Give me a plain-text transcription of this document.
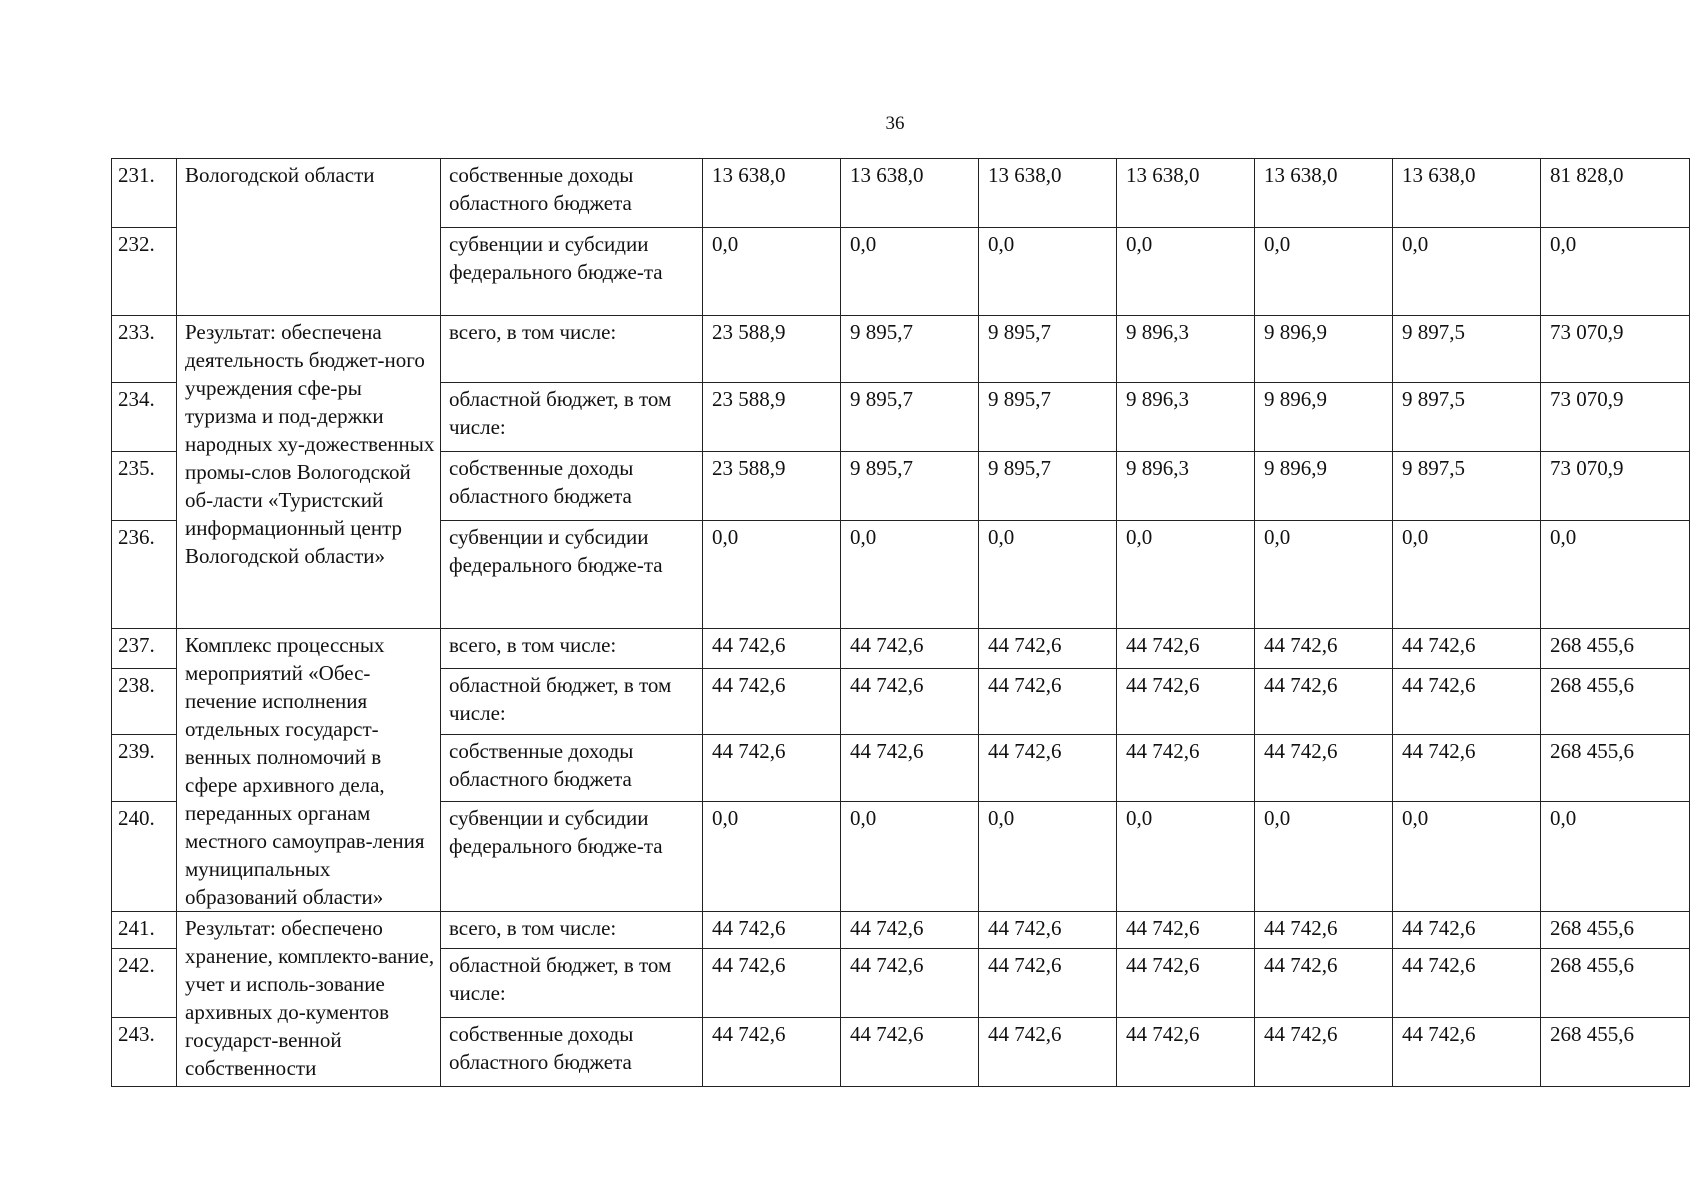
36
231.	Вологодской области	собственные доходы областного бюджета	13 638,0	13 638,0	13 638,0	13 638,0	13 638,0	13 638,0	81 828,0
232.		субвенции и субсидии федерального бюдже-та	0,0	0,0	0,0	0,0	0,0	0,0	0,0
233.	Результат: обеспечена деятельность бюджет-ного учреждения сфе-ры туризма и под-держки народных ху-дожественных промы-слов Вологодской об-ласти «Туристский информационный центр Вологодской области»	всего, в том числе:	23 588,9	9 895,7	9 895,7	9 896,3	9 896,9	9 897,5	73 070,9
234.		областной бюджет, в том числе:	23 588,9	9 895,7	9 895,7	9 896,3	9 896,9	9 897,5	73 070,9
235.		собственные доходы областного бюджета	23 588,9	9 895,7	9 895,7	9 896,3	9 896,9	9 897,5	73 070,9
236.		субвенции и субсидии федерального бюдже-та	0,0	0,0	0,0	0,0	0,0	0,0	0,0
237.	Комплекс процессных мероприятий «Обес-печение исполнения отдельных государст-венных полномочий в сфере архивного дела, переданных органам местного самоуправ-ления муниципальных образований области»	всего, в том числе:	44 742,6	44 742,6	44 742,6	44 742,6	44 742,6	44 742,6	268 455,6
238.		областной бюджет, в том числе:	44 742,6	44 742,6	44 742,6	44 742,6	44 742,6	44 742,6	268 455,6
239.		собственные доходы областного бюджета	44 742,6	44 742,6	44 742,6	44 742,6	44 742,6	44 742,6	268 455,6
240.		субвенции и субсидии федерального бюдже-та	0,0	0,0	0,0	0,0	0,0	0,0	0,0
241.	Результат: обеспечено хранение, комплекто-вание, учет и исполь-зование архивных до-кументов государст-венной собственности	всего, в том числе:	44 742,6	44 742,6	44 742,6	44 742,6	44 742,6	44 742,6	268 455,6
242.		областной бюджет, в том числе:	44 742,6	44 742,6	44 742,6	44 742,6	44 742,6	44 742,6	268 455,6
243.		собственные доходы областного бюджета	44 742,6	44 742,6	44 742,6	44 742,6	44 742,6	44 742,6	268 455,6
